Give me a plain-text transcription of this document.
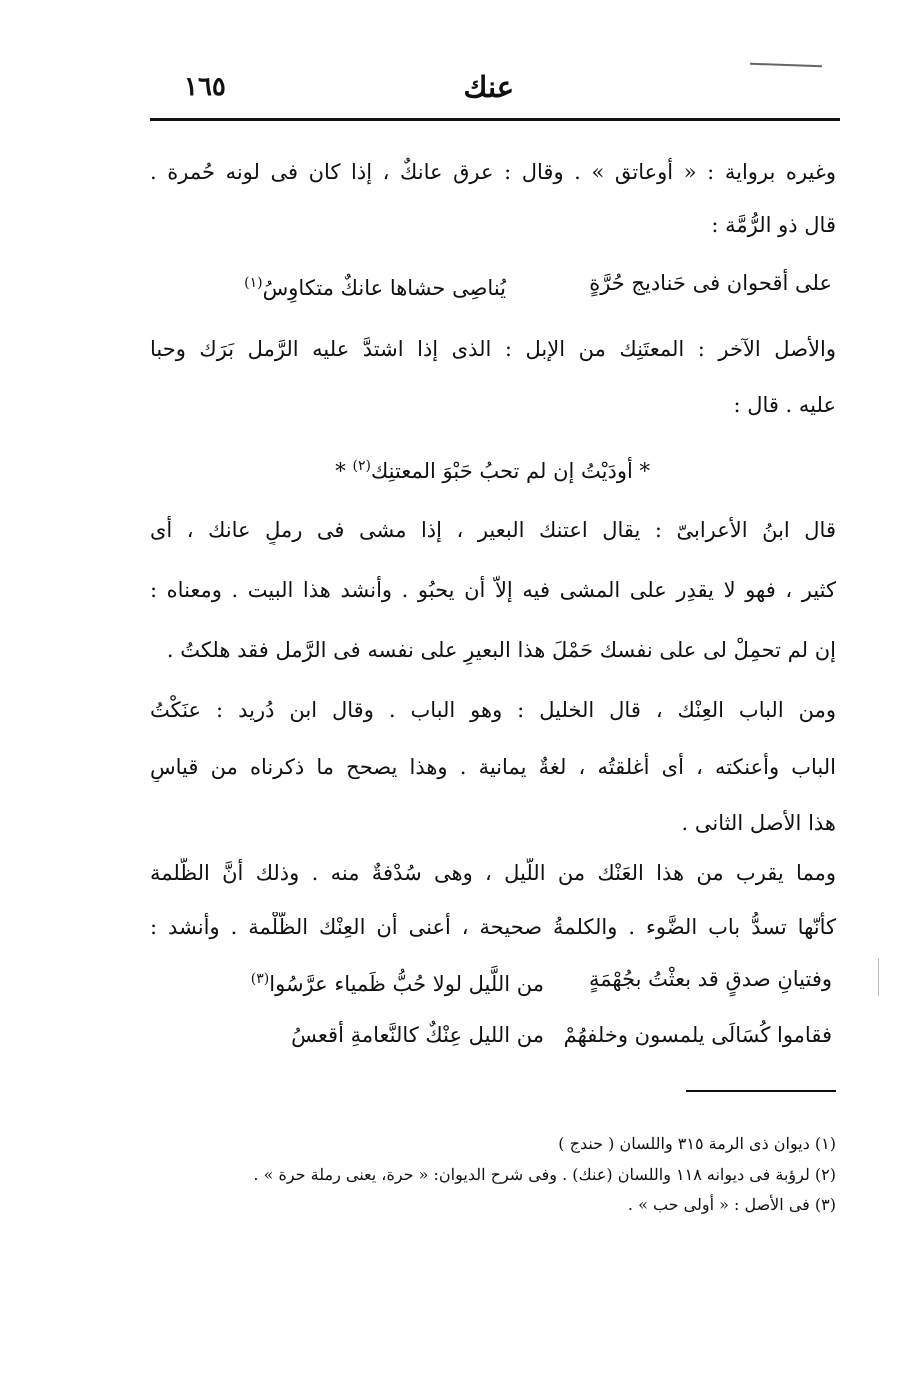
عنك
١٦٥
وغيره برواية : « أوعاتق » . وقال : عرق عانكٌ ، إذا كان فى لونه حُمرة .
قال ذو الرُّمَّة :
على أقحوان فى حَناديج حُرَّةٍ
يُناصِى حشاها عانكٌ متكاوِسُ$^{(١)}$
والأصل الآخر : المعتَنِك من الإبل : الذى إذا اشتدَّ عليه الرَّمل بَرَك وحبا
عليه . قال :
* أودَيْتُ إن لم تحبُ حَبْوَ المعتنِك$^{(٢)}$ *
قال ابنُ الأعرابىّ : يقال اعتنك البعير ، إذا مشى فى رملٍ عانك ، أى
كثير ، فهو لا يقدِر على المشى فيه إلاّ أن يحبُو . وأنشد هذا البيت . ومعناه :
إن لم تحمِلْ لى على نفسك حَمْلَ هذا البعيرِ على نفسه فى الرَّمل فقد هلكتُ .
ومن الباب العِنْك ، قال الخليل : وهو الباب . وقال ابن دُريد : عنَكْتُ
الباب وأعنكته ، أى أغلقتُه ، لغةٌ يمانية . وهذا يصحح ما ذكرناه من قياسِ
هذا الأصل الثانى .
ومما يقرب من هذا العَنْك من اللَّيل ، وهى سُدْفةٌ منه . وذلك أنَّ الظُّلمة
كأنّها تسدُّ باب الضَّوء . والكلمةُ صحيحة ، أعنى أن العِنْك الظُّلْمة . وأنشد :
وفتيانِ صدقٍ قد بعثْتُ بجُهْمَةٍ
من اللَّيل لولا حُبُّ ظَمياء عرَّسُوا$^{(٣)}$
فقاموا كُسَالَى يلمسون وخلفهُمْ
من الليل عِنْكٌ كالنَّعامةِ أقعسُ
(١) ديوان ذى الرمة ٣١٥ واللسان ( حندج )
(٢) لرؤبة فى ديوانه ١١٨ واللسان (عنك) . وفى شرح الديوان: « حرة، يعنى رملة حرة » .
(٣) فى الأصل : « أولى حب » .
